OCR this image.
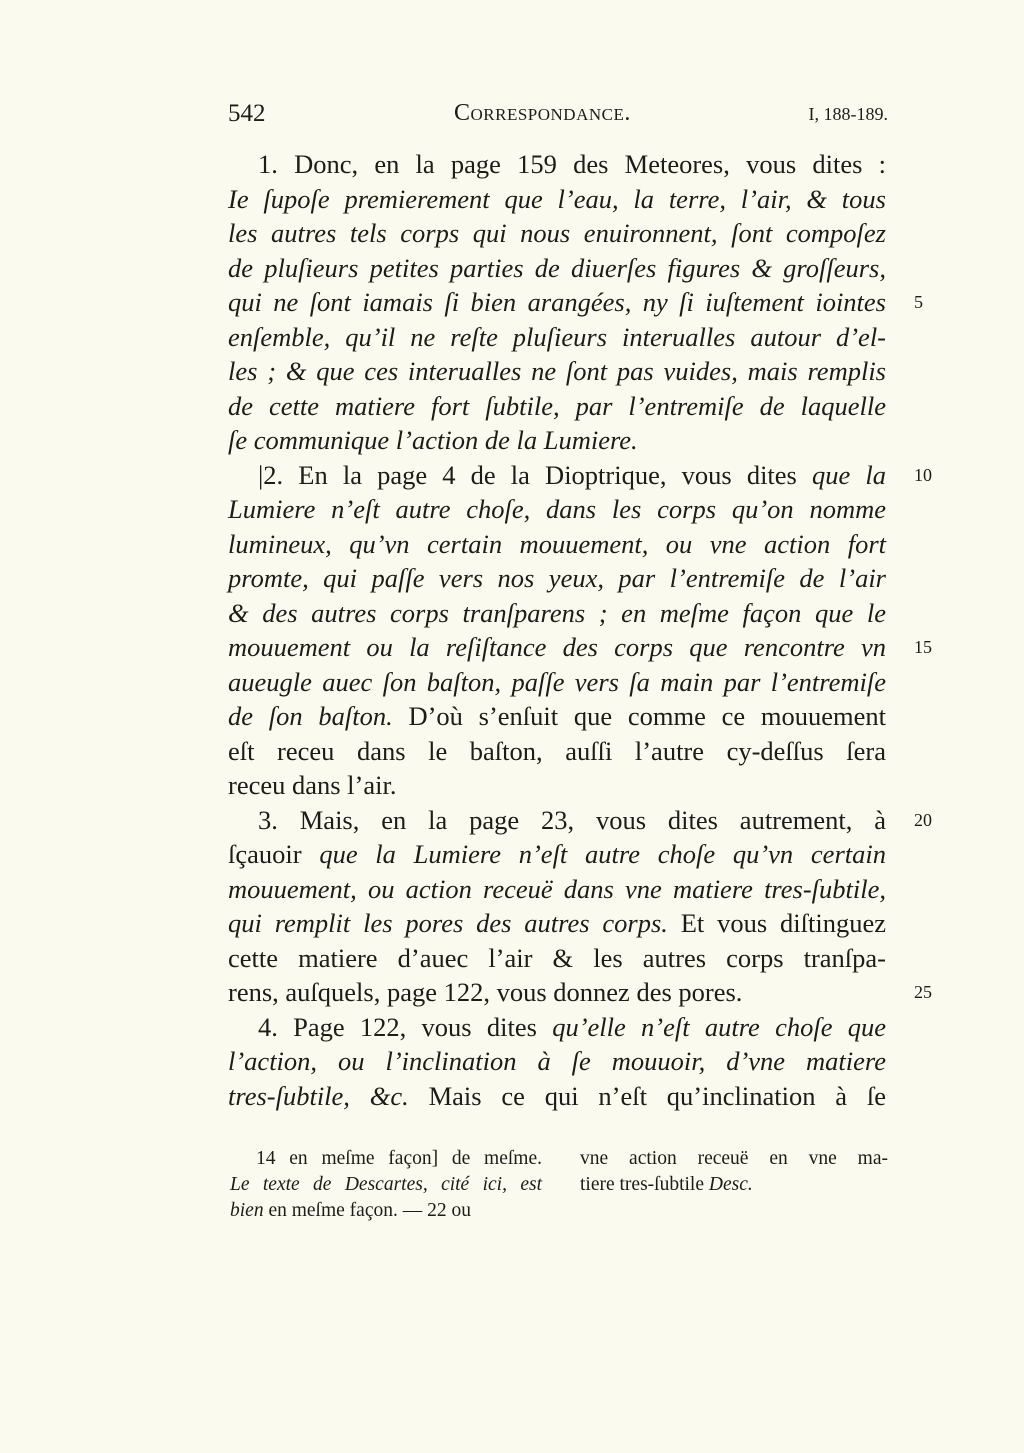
542	Correspondance.	I, 188-189.
1. Donc, en la page 159 des Meteores, vous dites :
Ie ſupoſe premierement que l’eau, la terre, l’air, & tous
les autres tels corps qui nous enuironnent, ſont compoſez
de pluſieurs petites parties de diuerſes figures & groſſeurs,
qui ne ſont iamais ſi bien arangées, ny ſi iuſtement iointes
enſemble, qu’il ne reſte pluſieurs interualles autour d’el-
les ; & que ces interualles ne ſont pas vuides, mais remplis
de cette matiere fort ſubtile, par l’entremiſe de laquelle
ſe communique l’action de la Lumiere.
|2. En la page 4 de la Dioptrique, vous dites que la
Lumiere n’eſt autre choſe, dans les corps qu’on nomme
lumineux, qu’vn certain mouuement, ou vne action fort
promte, qui paſſe vers nos yeux, par l’entremiſe de l’air
& des autres corps tranſparens ; en meſme façon que le
mouuement ou la reſiſtance des corps que rencontre vn
aueugle auec ſon baſton, paſſe vers ſa main par l’entremiſe
de ſon baſton. D’où s’enſuit que comme ce mouuement
eſt receu dans le baſton, auſſi l’autre cy-deſſus ſera
receu dans l’air.
3. Mais, en la page 23, vous dites autrement, à
ſçauoir que la Lumiere n’eſt autre choſe qu’vn certain
mouuement, ou action receuë dans vne matiere tres-ſubtile,
qui remplit les pores des autres corps. Et vous diſtinguez
cette matiere d’auec l’air & les autres corps tranſpa-
rens, auſquels, page 122, vous donnez des pores.
4. Page 122, vous dites qu’elle n’eſt autre choſe que
l’action, ou l’inclination à ſe mouuoir, d’vne matiere
tres-ſubtile, &c. Mais ce qui n’eſt qu’inclination à ſe
5
10
15
20
25
14 en meſme façon] de meſme.
Le texte de Descartes, cité ici, est
bien en meſme façon. — 22 ou
vne action receuë en vne ma-
tiere tres-ſubtile Desc.
